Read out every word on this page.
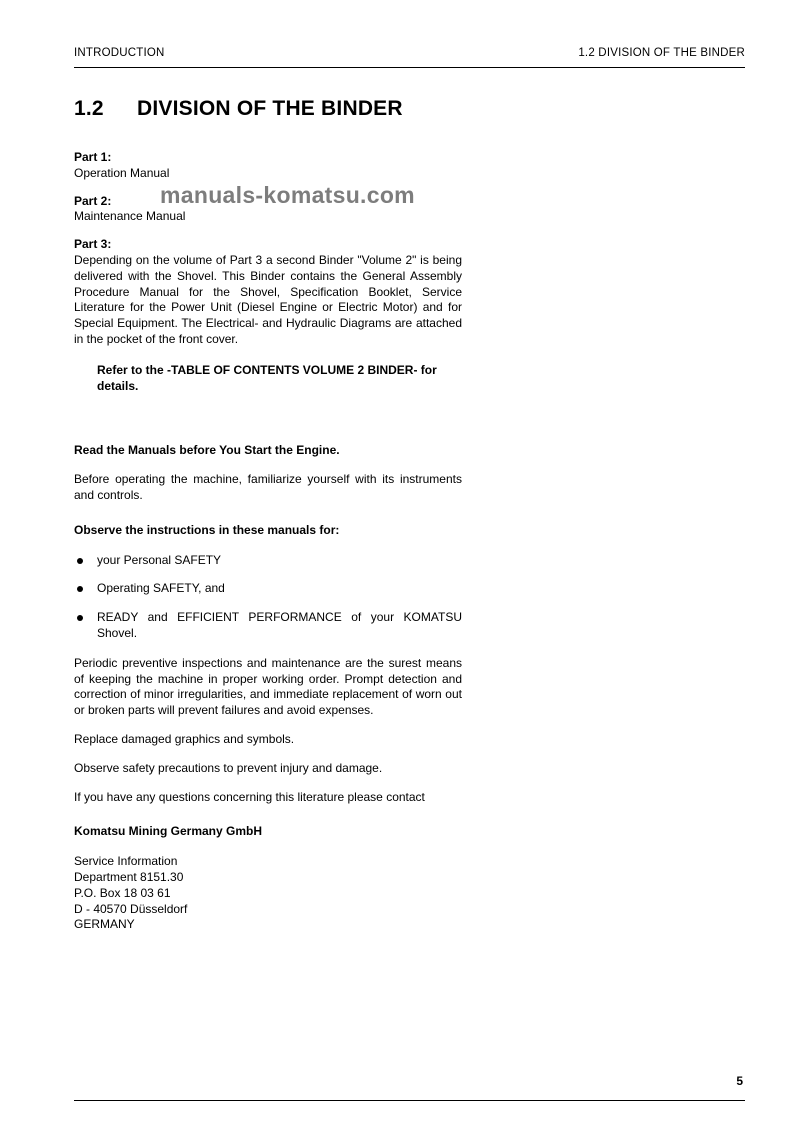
INTRODUCTION	1.2 DIVISION OF THE BINDER
1.2 DIVISION OF THE BINDER
manuals-komatsu.com
Part 1:
Operation Manual
Part 2:
Maintenance Manual
Part 3:
Depending on the volume of Part 3 a second Binder "Volume 2" is being delivered with the Shovel. This Binder contains the General Assembly Procedure Manual for the Shovel, Specification Booklet, Service Literature for the Power Unit (Diesel Engine or Electric Motor) and for Special Equipment. The Electrical- and Hydraulic Diagrams are attached in the pocket of the front cover.
Refer to the -TABLE OF CONTENTS VOLUME 2 BINDER- for details.
Read the Manuals before You Start the Engine.
Before operating the machine, familiarize yourself with its instruments and controls.
Observe the instructions in these manuals for:
your Personal SAFETY
Operating SAFETY, and
READY and EFFICIENT PERFORMANCE of your KOMATSU Shovel.
Periodic preventive inspections and maintenance are the surest means of keeping the machine in proper working order. Prompt detection and correction of minor irregularities, and immediate replacement of worn out or broken parts will prevent failures and avoid expenses.
Replace damaged graphics and symbols.
Observe safety precautions to prevent injury and damage.
If you have any questions concerning this literature please contact
Komatsu Mining Germany GmbH
Service Information
Department 8151.30
P.O. Box 18 03 61
D - 40570 Düsseldorf
GERMANY
5
